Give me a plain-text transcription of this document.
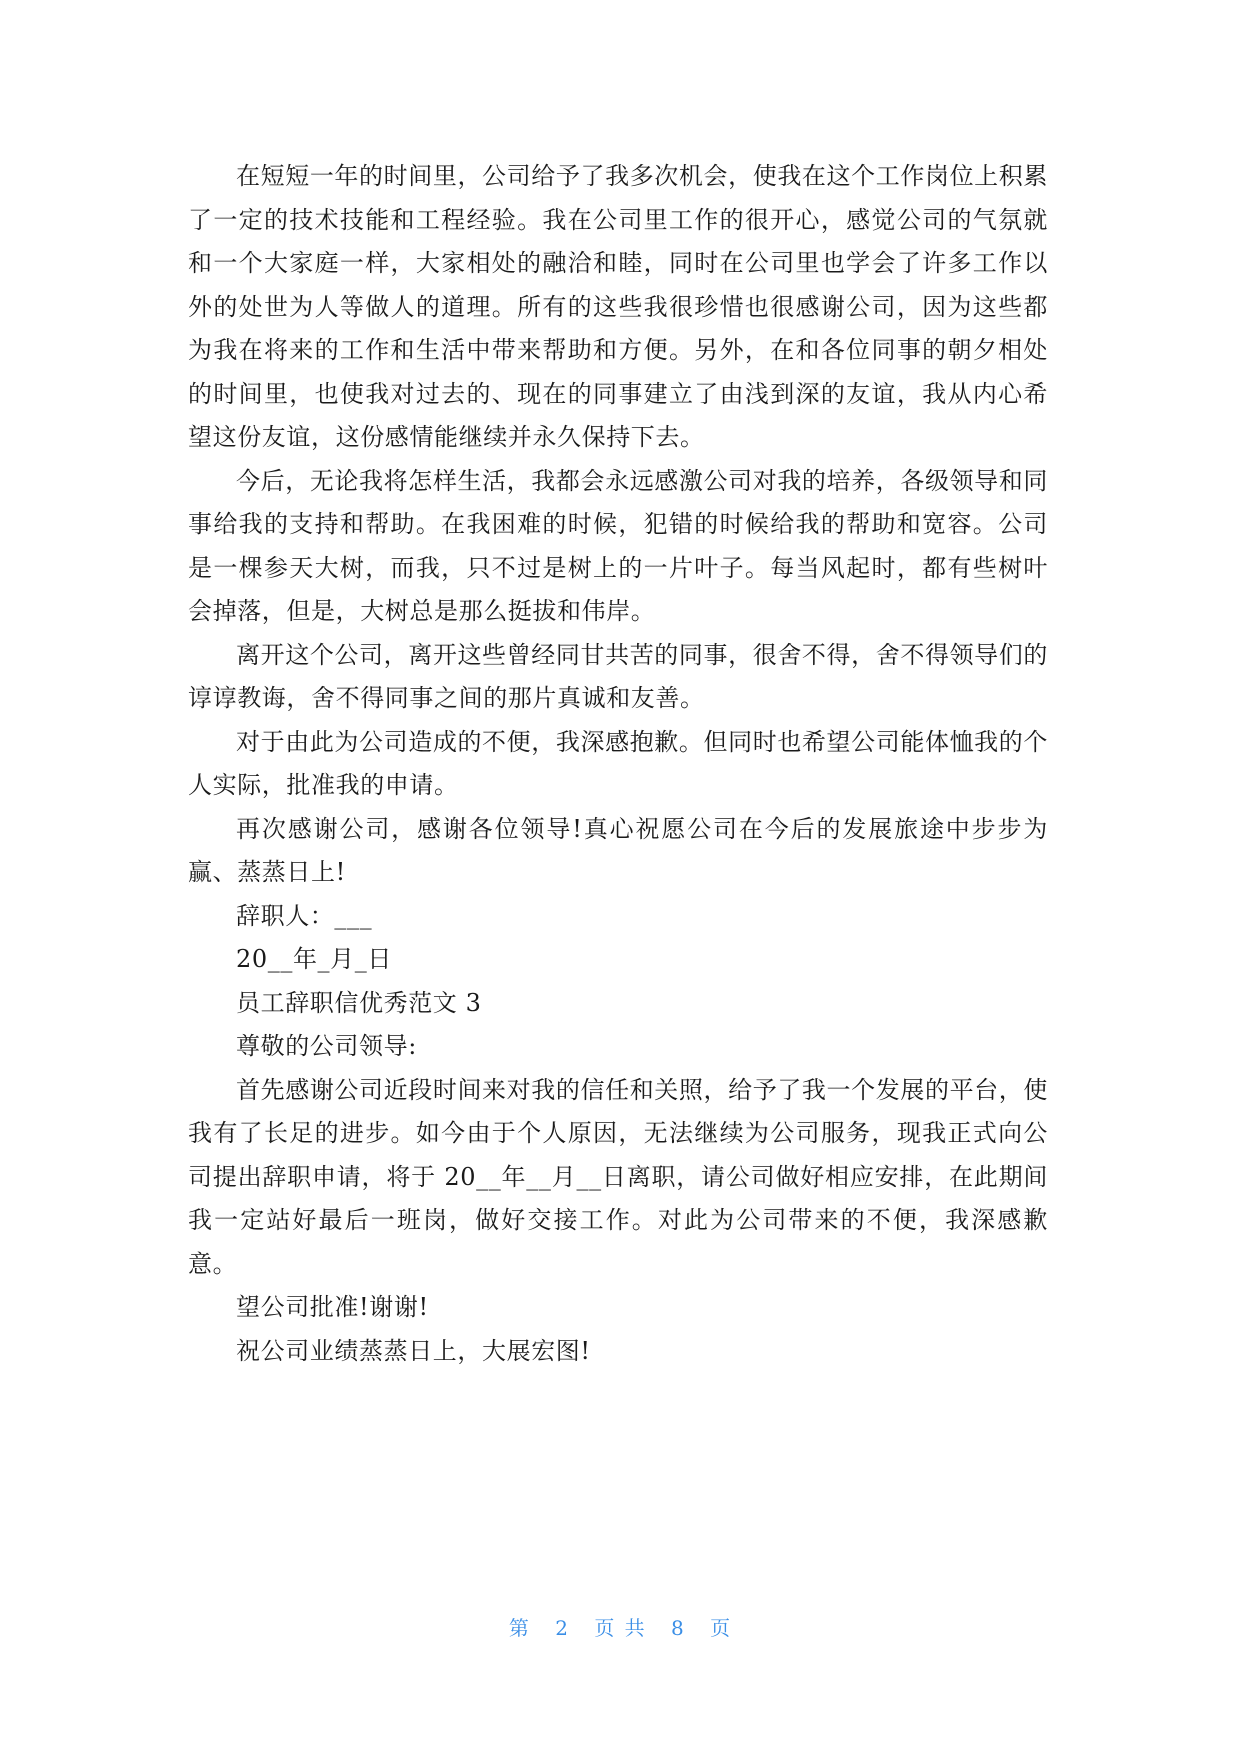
在短短一年的时间里，公司给予了我多次机会，使我在这个工作岗位上积累了一定的技术技能和工程经验。我在公司里工作的很开心，感觉公司的气氛就和一个大家庭一样，大家相处的融洽和睦，同时在公司里也学会了许多工作以外的处世为人等做人的道理。所有的这些我很珍惜也很感谢公司，因为这些都为我在将来的工作和生活中带来帮助和方便。另外，在和各位同事的朝夕相处的时间里，也使我对过去的、现在的同事建立了由浅到深的友谊，我从内心希望这份友谊，这份感情能继续并永久保持下去。

今后，无论我将怎样生活，我都会永远感激公司对我的培养，各级领导和同事给我的支持和帮助。在我困难的时候，犯错的时候给我的帮助和宽容。公司是一棵参天大树，而我，只不过是树上的一片叶子。每当风起时，都有些树叶会掉落，但是，大树总是那么挺拔和伟岸。

离开这个公司，离开这些曾经同甘共苦的同事，很舍不得，舍不得领导们的谆谆教诲，舍不得同事之间的那片真诚和友善。

对于由此为公司造成的不便，我深感抱歉。但同时也希望公司能体恤我的个人实际，批准我的申请。

再次感谢公司，感谢各位领导!真心祝愿公司在今后的发展旅途中步步为赢、蒸蒸日上!

辞职人：___

20__年_月_日

员工辞职信优秀范文 3

尊敬的公司领导:

首先感谢公司近段时间来对我的信任和关照，给予了我一个发展的平台，使我有了长足的进步。如今由于个人原因，无法继续为公司服务，现我正式向公司提出辞职申请，将于 20__年__月__日离职，请公司做好相应安排，在此期间我一定站好最后一班岗，做好交接工作。对此为公司带来的不便，我深感歉意。

望公司批准!谢谢!

祝公司业绩蒸蒸日上，大展宏图!

第 2 页 共 8 页
